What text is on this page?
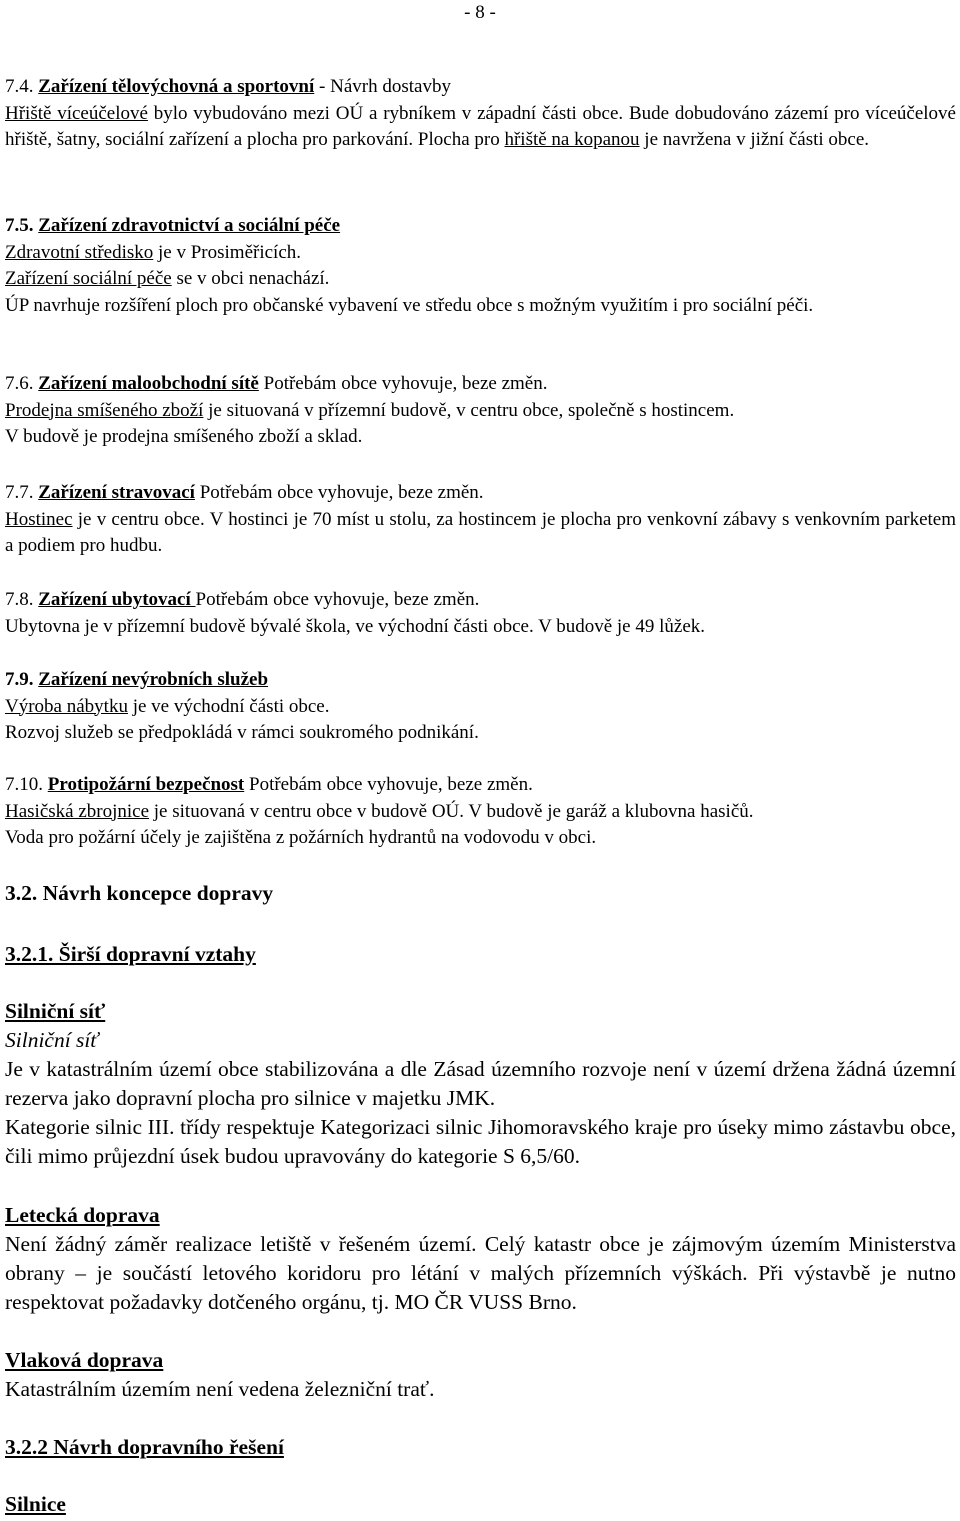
- 8 -

7.4. Zařízení tělovýchovná a sportovní - Návrh dostavby

Hřiště víceúčelové bylo vybudováno mezi OÚ a rybníkem v západní části obce. Bude dobudováno zázemí pro víceúčelové hřiště, šatny, sociální zařízení a plocha pro parkování. Plocha pro hřiště na kopanou je navržena v jižní části obce.

7.5. Zařízení zdravotnictví a sociální péče

Zdravotní středisko je v Prosiměřicích.

Zařízení sociální péče se v obci nenachází.

ÚP navrhuje rozšíření ploch pro občanské vybavení ve středu obce s možným využitím i pro sociální péči.

7.6. Zařízení maloobchodní sítě Potřebám obce vyhovuje, beze změn.

Prodejna smíšeného zboží je situovaná v přízemní budově, v centru obce, společně s hostincem.

V budově je prodejna smíšeného zboží a sklad.

7.7. Zařízení stravovací Potřebám obce vyhovuje, beze změn.

Hostinec je v centru obce. V hostinci je 70 míst u stolu, za hostincem je plocha pro venkovní zábavy s venkovním parketem a podiem pro hudbu.

7.8. Zařízení ubytovací Potřebám obce vyhovuje, beze změn.

Ubytovna je v přízemní budově bývalé škola, ve východní části obce. V budově je 49 lůžek.

7.9. Zařízení nevýrobních služeb

Výroba nábytku je ve východní části obce.

Rozvoj služeb se předpokládá v rámci soukromého podnikání.

7.10. Protipožární bezpečnost Potřebám obce vyhovuje, beze změn.

Hasičská zbrojnice je situovaná v centru obce v budově OÚ. V budově je garáž a klubovna hasičů.

Voda pro požární účely je zajištěna z požárních hydrantů na vodovodu v obci.

3.2. Návrh koncepce dopravy
3.2.1. Širší dopravní vztahy

Silniční síť

Silniční síť

Je v katastrálním území obce stabilizována a dle Zásad územního rozvoje není v území držena žádná územní rezerva jako dopravní plocha pro silnice v majetku JMK.

Kategorie silnic III. třídy respektuje Kategorizaci silnic Jihomoravského kraje pro úseky mimo zástavbu obce, čili mimo průjezdní úsek budou upravovány do kategorie S 6,5/60.

Letecká doprava

Není žádný záměr realizace letiště v řešeném území. Celý katastr obce je zájmovým územím Ministerstva obrany – je součástí letového koridoru pro létání v malých přízemních výškách. Při výstavbě je nutno respektovat požadavky dotčeného orgánu, tj. MO ČR VUSS Brno.

Vlaková doprava

Katastrálním územím není vedena železniční trať.

3.2.2 Návrh dopravního řešení
Silnice
